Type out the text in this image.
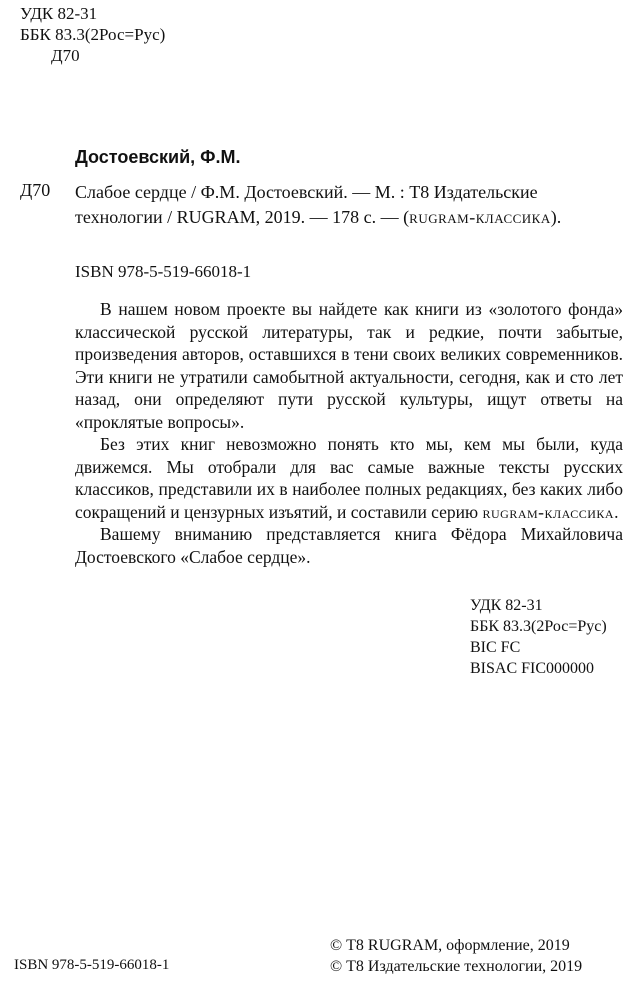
УДК 82-31
ББК 83.3(2Рос=Рус)
Д70
Достоевский, Ф.М.
Д70 Слабое сердце / Ф.М. Достоевский. — М. : Т8 Издательские технологии / RUGRAM, 2019. — 178 с. — (rugram-классика).
ISBN 978-5-519-66018-1

В нашем новом проекте вы найдете как книги из «золотого фонда» классической русской литературы, так и редкие, почти забытые, произведения авторов, оставшихся в тени своих великих современников. Эти книги не утратили самобытной актуальности, сегодня, как и сто лет назад, они определяют пути русской культуры, ищут ответы на «проклятые вопросы».

Без этих книг невозможно понять кто мы, кем мы были, куда движемся. Мы отобрали для вас самые важные тексты русских классиков, представили их в наиболее полных редакциях, без каких либо сокращений и цензурных изъятий, и составили серию rugram-классика.

Вашему вниманию представляется книга Фёдора Михайловича Достоевского «Слабое сердце».

УДК 82-31
ББК 83.3(2Рос=Рус)
BIC FC
BISAC FIC000000
© Т8 RUGRAM, оформление, 2019
© Т8 Издательские технологии, 2019
ISBN 978-5-519-66018-1
